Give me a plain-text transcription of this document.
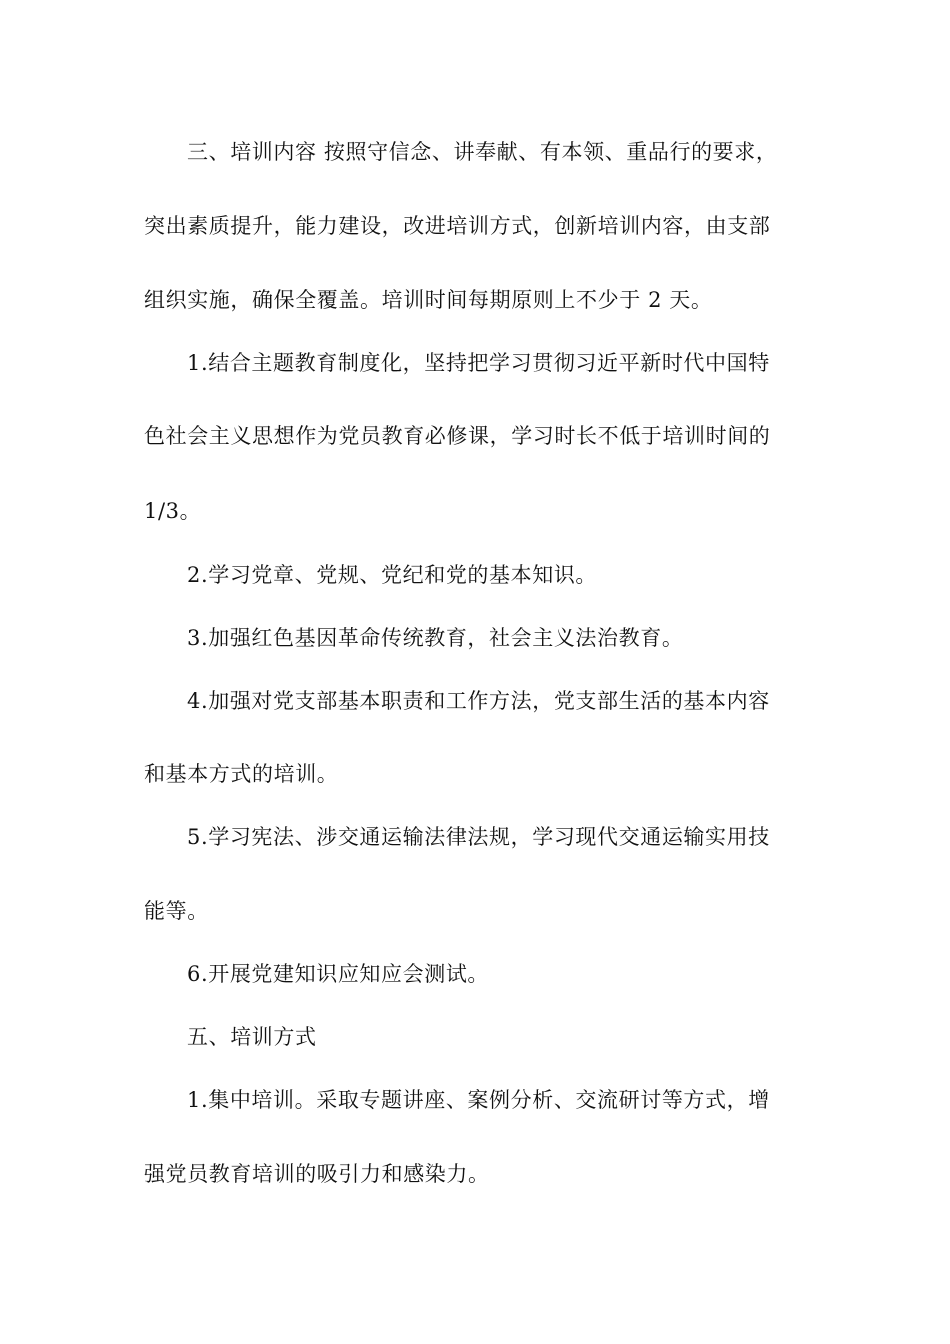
三、培训内容 按照守信念、讲奉献、有本领、重品行的要求，
突出素质提升，能力建设，改进培训方式，创新培训内容，由支部
组织实施，确保全覆盖。培训时间每期原则上不少于 2 天。
1.结合主题教育制度化，坚持把学习贯彻习近平新时代中国特
色社会主义思想作为党员教育必修课，学习时长不低于培训时间的
1/3。
2.学习党章、党规、党纪和党的基本知识。
3.加强红色基因革命传统教育，社会主义法治教育。
4.加强对党支部基本职责和工作方法，党支部生活的基本内容
和基本方式的培训。
5.学习宪法、涉交通运输法律法规，学习现代交通运输实用技
能等。
6.开展党建知识应知应会测试。
五、培训方式
1.集中培训。采取专题讲座、案例分析、交流研讨等方式，增
强党员教育培训的吸引力和感染力。
